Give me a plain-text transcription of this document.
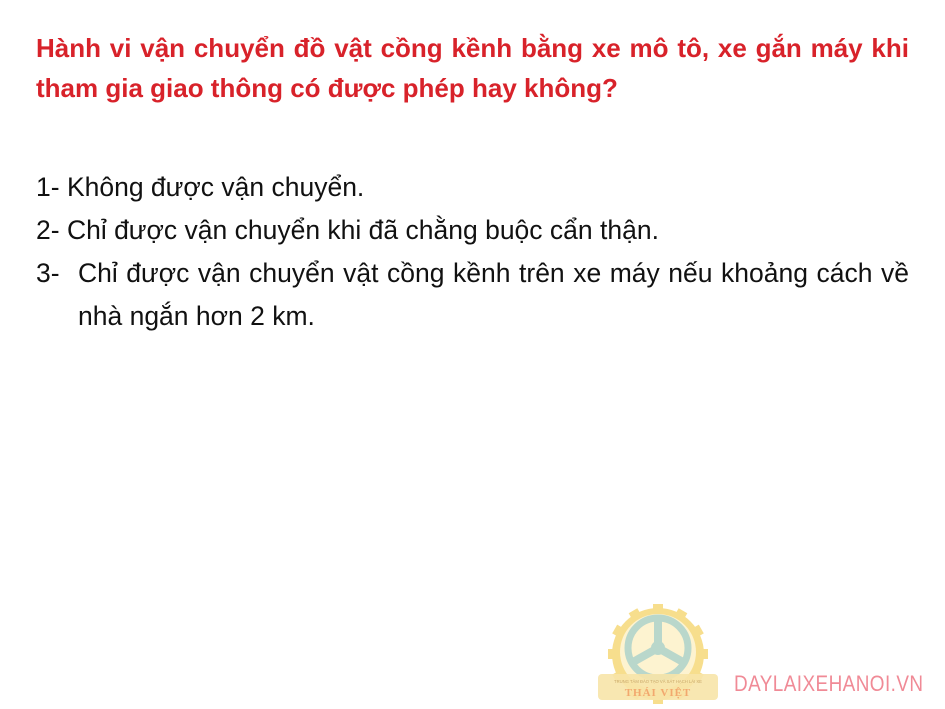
Hành vi vận chuyển đồ vật cồng kềnh bằng xe mô tô, xe gắn máy khi tham gia giao thông có được phép hay không?

1- Không được vận chuyển.
2- Chỉ được vận chuyển khi đã chằng buộc cẩn thận.
3- Chỉ được vận chuyển vật cồng kềnh trên xe máy nếu khoảng cách về nhà ngắn hơn 2 km.
TRUNG TÂM ĐÀO TẠO VÀ SÁT HẠCH LÁI XE
THÁI VIỆT DAYLAIXEHANOI.VN
